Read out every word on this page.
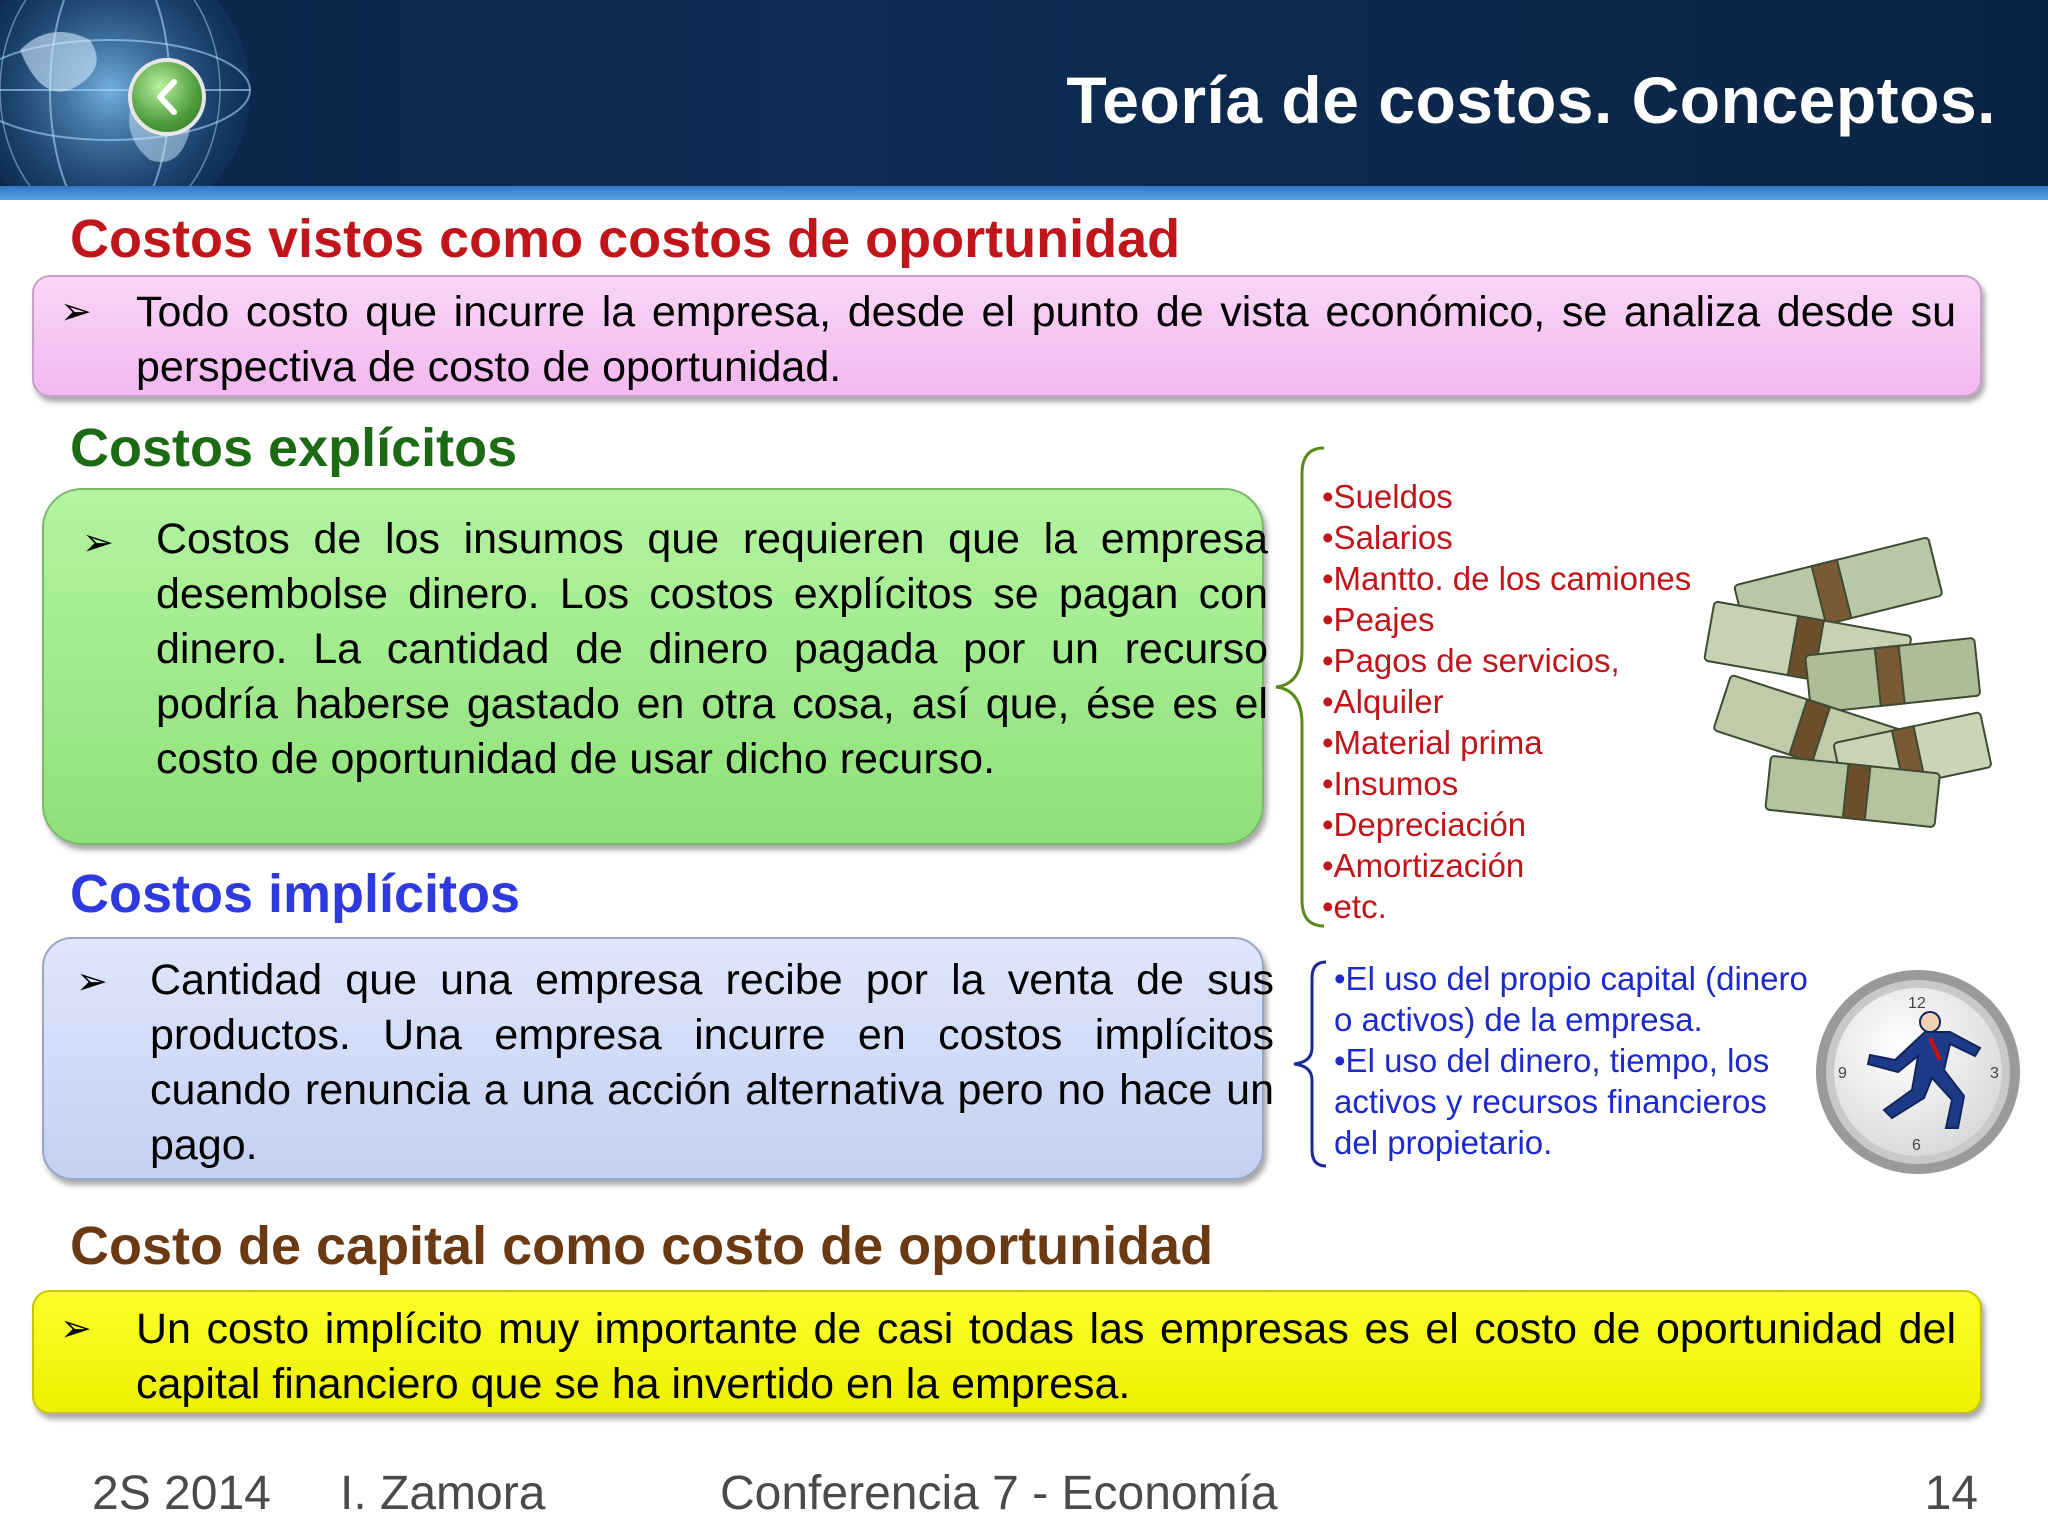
Teoría de costos. Conceptos.
Costos vistos como costos de oportunidad
➢ Todo costo que incurre la empresa, desde el punto de vista económico, se analiza desde su perspectiva de costo de oportunidad.
Costos explícitos
➢ Costos de los insumos que requieren que la empresa desembolse dinero. Los costos explícitos se pagan con dinero. La cantidad de dinero pagada por un recurso podría haberse gastado en otra cosa, así que, ése es el costo de oportunidad de usar dicho recurso.
•Sueldos
•Salarios
•Mantto. de los camiones
•Peajes
•Pagos de servicios,
•Alquiler
•Material prima
•Insumos
•Depreciación
•Amortización
•etc.
Costos implícitos
➢ Cantidad que una empresa recibe por la venta de sus productos. Una empresa incurre en costos implícitos cuando renuncia a una acción alternativa pero no hace un pago.
•El uso del propio capital (dinero
o activos) de la empresa.
•El uso del dinero, tiempo, los
activos y recursos financieros
del propietario.
12
3
6
9
Costo de capital como costo de oportunidad
➢ Un costo implícito muy importante de casi todas las empresas es el costo de oportunidad del capital financiero que se ha invertido en la empresa.
2S 2014 I. Zamora	Conferencia 7 - Economía	14
